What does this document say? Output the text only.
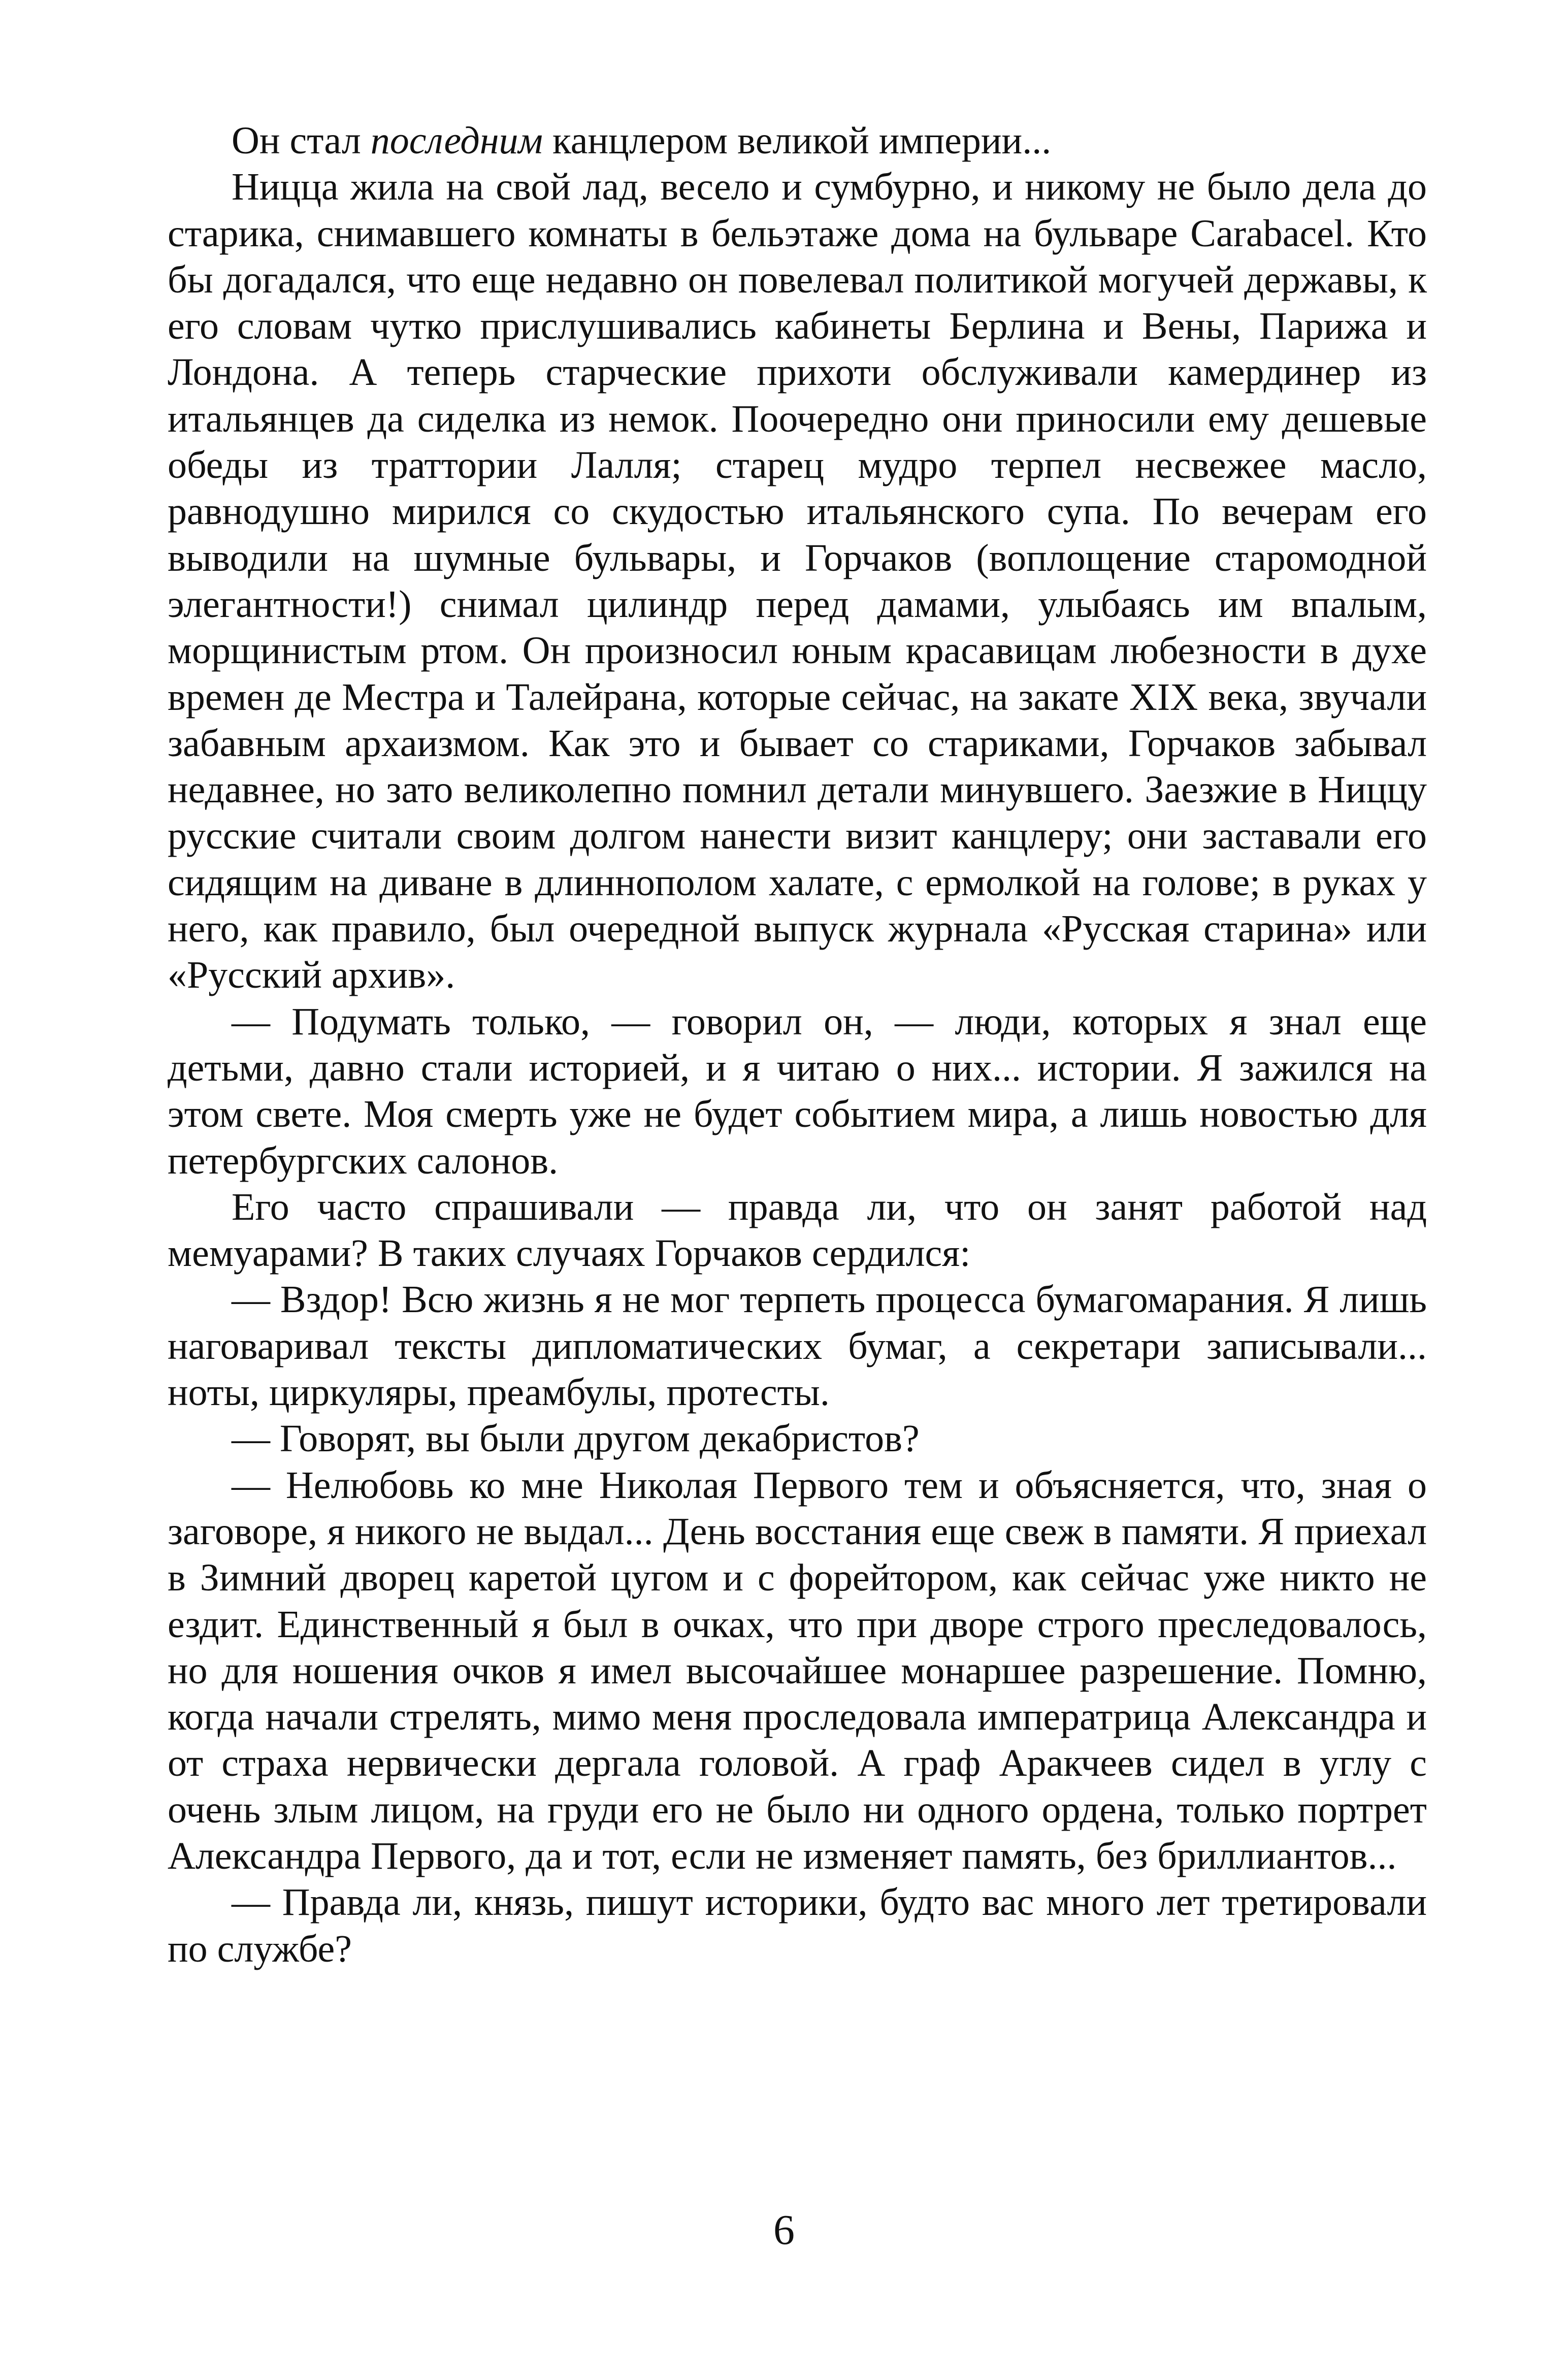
Он стал последним канцлером великой империи...

Ницца жила на свой лад, весело и сумбурно, и никому не было дела до старика, снимавшего комнаты в бельэтаже дома на бульваре Carabacel. Кто бы догадался, что еще недавно он повелевал политикой могучей державы, к его словам чутко прислушивались кабинеты Берлина и Вены, Парижа и Лондона. А теперь старческие прихоти обслуживали камердинер из итальянцев да сиделка из немок. Поочередно они приносили ему дешевые обеды из траттории Лалля; старец мудро терпел несвежее масло, равнодушно мирился со скудостью итальянского супа. По вечерам его выводили на шумные бульвары, и Горчаков (воплощение старомодной элегантности!) снимал цилиндр перед дамами, улыбаясь им впалым, морщинистым ртом. Он произносил юным красавицам любезности в духе времен де Местра и Талейрана, которые сейчас, на закате XIX века, звучали забавным архаизмом. Как это и бывает со стариками, Горчаков забывал недавнее, но зато великолепно помнил детали минувшего. Заезжие в Ниццу русские считали своим долгом нанести визит канцлеру; они заставали его сидящим на диване в длиннополом халате, с ермолкой на голове; в руках у него, как правило, был очередной выпуск журнала «Русская старина» или «Русский архив».

— Подумать только, — говорил он, — люди, которых я знал еще детьми, давно стали историей, и я читаю о них... истории. Я зажился на этом свете. Моя смерть уже не будет событием мира, а лишь новостью для петербургских салонов.

Его часто спрашивали — правда ли, что он занят работой над мемуарами? В таких случаях Горчаков сердился:

— Вздор! Всю жизнь я не мог терпеть процесса бумагомарания. Я лишь наговаривал тексты дипломатических бумаг, а секретари записывали... ноты, циркуляры, преамбулы, протесты.

— Говорят, вы были другом декабристов?

— Нелюбовь ко мне Николая Первого тем и объясняется, что, зная о заговоре, я никого не выдал... День восстания еще свеж в памяти. Я приехал в Зимний дворец каретой цугом и с форейтором, как сейчас уже никто не ездит. Единственный я был в очках, что при дворе строго преследовалось, но для ношения очков я имел высочайшее монаршее разрешение. Помню, когда начали стрелять, мимо меня проследовала императрица Александра и от страха нервически дергала головой. А граф Аракчеев сидел в углу с очень злым лицом, на груди его не было ни одного ордена, только портрет Александра Первого, да и тот, если не изменяет память, без бриллиантов...

— Правда ли, князь, пишут историки, будто вас много лет третировали по службе?

6
